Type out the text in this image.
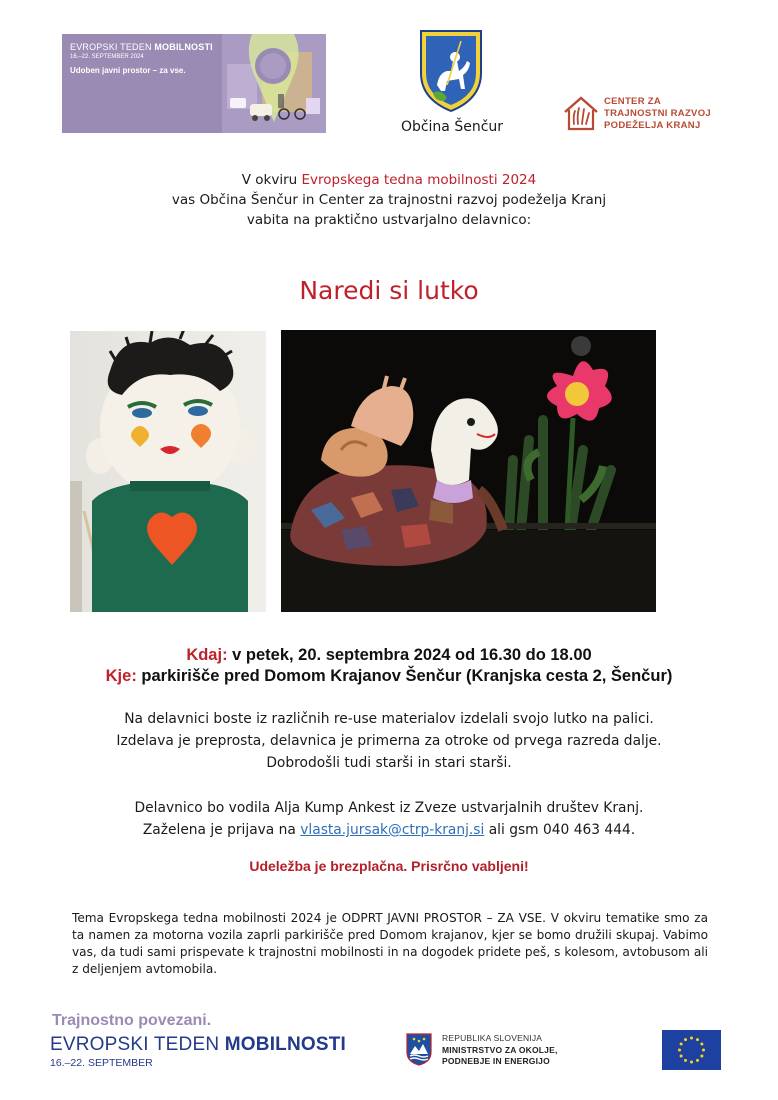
EVROPSKI TEDEN MOBILNOSTI
16.–22. SEPTEMBER 2024
Udoben javni prostor – za vse.
Občina Šenčur
CENTER ZA
TRAJNOSTNI RAZVOJ
PODEŽELJA KRANJ
V okviru Evropskega tedna mobilnosti 2024
vas Občina Šenčur in Center za trajnostni razvoj podeželja Kranj
vabita na praktično ustvarjalno delavnico:
Naredi si lutko
Kdaj: v petek, 20. septembra 2024 od 16.30 do 18.00
Kje: parkirišče pred Domom Krajanov Šenčur (Kranjska cesta 2, Šenčur)
Na delavnici boste iz različnih re-use materialov izdelali svojo lutko na palici.
Izdelava je preprosta, delavnica je primerna za otroke od prvega razreda dalje.
Dobrodošli tudi starši in stari starši.
Delavnico bo vodila Alja Kump Ankest iz Zveze ustvarjalnih društev Kranj.
Zaželena je prijava na vlasta.jursak@ctrp-kranj.si ali gsm 040 463 444.
Udeležba je brezplačna. Prisrčno vabljeni!
Tema Evropskega tedna mobilnosti 2024 je ODPRT JAVNI PROSTOR – ZA VSE. V okviru tematike smo za ta namen za motorna vozila zaprli parkirišče pred Domom krajanov, kjer se bomo družili skupaj. Vabimo vas, da tudi sami prispevate k trajnostni mobilnosti in na dogodek pridete peš, s kolesom, avtobusom ali z deljenjem avtomobila.
Trajnostno povezani.
EVROPSKI TEDEN MOBILNOSTI
16.–22. SEPTEMBER
REPUBLIKA SLOVENIJA
MINISTRSTVO ZA OKOLJE,
PODNEBJE IN ENERGIJO
